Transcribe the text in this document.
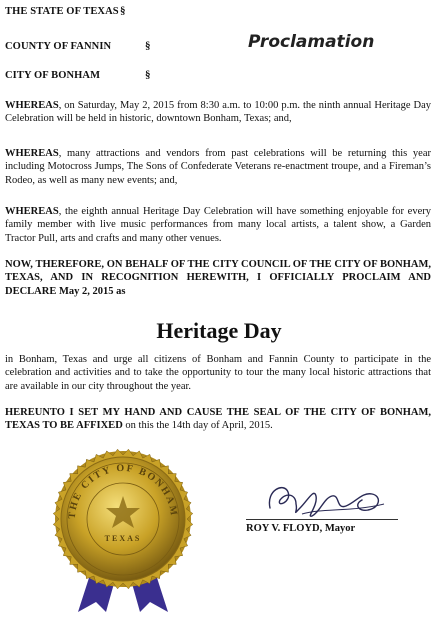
THE STATE OF TEXAS §
COUNTY OF FANNIN	§	Proclamation
CITY OF BONHAM	§
WHEREAS, on Saturday, May 2, 2015 from 8:30 a.m. to 10:00 p.m. the ninth annual Heritage Day Celebration will be held in historic, downtown Bonham, Texas; and,
WHEREAS, many attractions and vendors from past celebrations will be returning this year including Motocross Jumps, The Sons of Confederate Veterans re-enactment troupe, and a Fireman’s Rodeo, as well as many new events; and,
WHEREAS, the eighth annual Heritage Day Celebration will have something enjoyable for every family member with live music performances from many local artists, a talent show, a Garden Tractor Pull, arts and crafts and many other venues.
NOW, THEREFORE, ON BEHALF OF THE CITY COUNCIL OF THE CITY OF BONHAM, TEXAS, AND IN RECOGNITION HEREWITH, I OFFICIALLY PROCLAIM AND DECLARE May 2, 2015 as
Heritage Day
in Bonham, Texas and urge all citizens of Bonham and Fannin County to participate in the celebration and activities and to take the opportunity to tour the many local historic attractions that are available in our city throughout the year.
HEREUNTO I SET MY HAND AND CAUSE THE SEAL OF THE CITY OF BONHAM, TEXAS TO BE AFFIXED on this the 14th day of April, 2015.
ROY V. FLOYD, Mayor
THE CITY OF BONHAM
TEXAS
